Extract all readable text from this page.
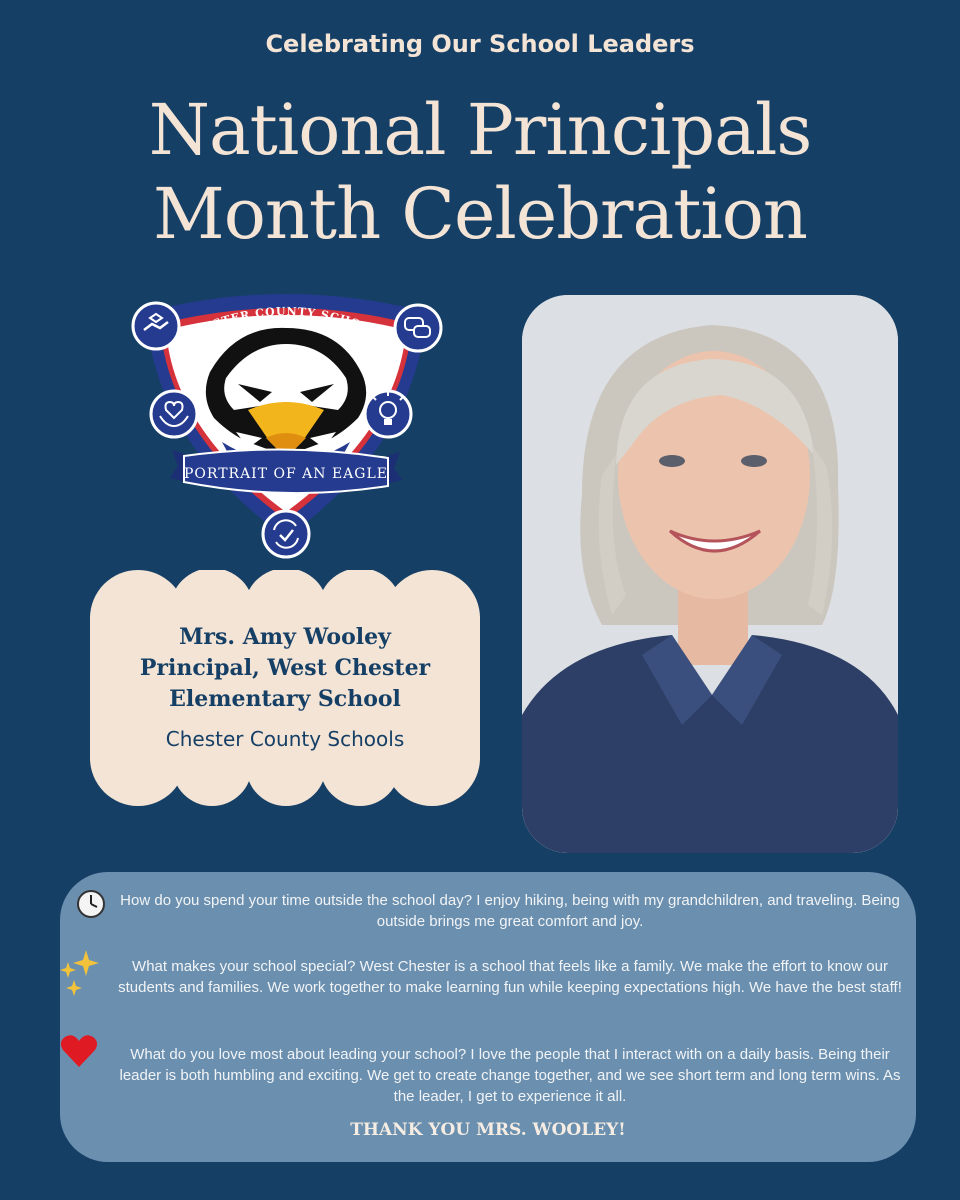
Celebrating Our School Leaders
National Principals
Month Celebration
CHESTER COUNTY SCHOOLS
PORTRAIT OF AN EAGLE
Mrs. Amy Wooley
Principal, West Chester
Elementary School
Chester County Schools
How do you spend your time outside the school day? I enjoy hiking, being with my grandchildren, and traveling. Being outside brings me great comfort and joy.
What makes your school special? West Chester is a school that feels like a family. We make the effort to know our students and families. We work together to make learning fun while keeping expectations high. We have the best staff!
What do you love most about leading your school? I love the people that I interact with on a daily basis. Being their leader is both humbling and exciting. We get to create change together, and we see short term and long term wins. As the leader, I get to experience it all.
THANK YOU MRS. WOOLEY!
